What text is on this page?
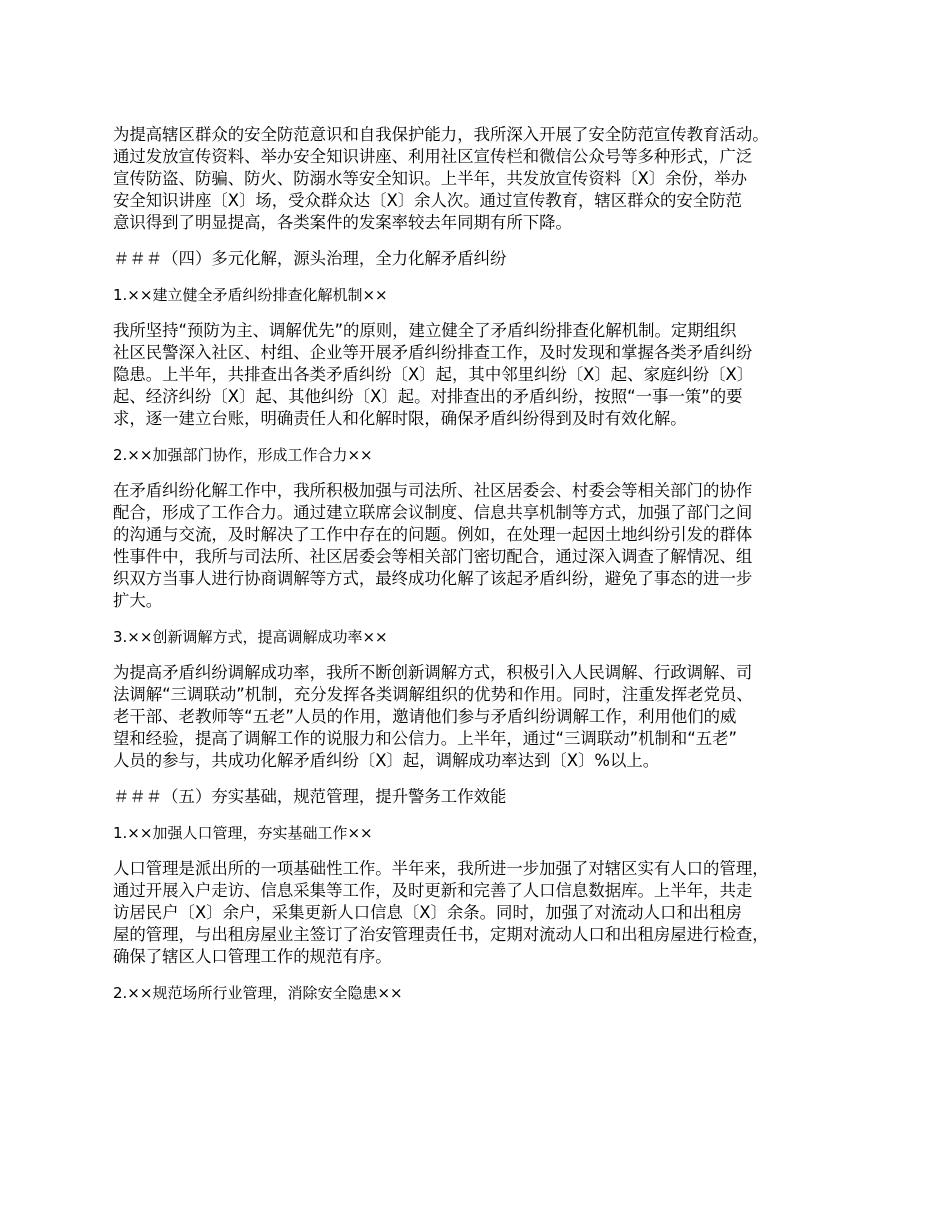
为提高辖区群众的安全防范意识和自我保护能力，我所深入开展了安全防范宣传教育活动。
通过发放宣传资料、举办安全知识讲座、利用社区宣传栏和微信公众号等多种形式，广泛
宣传防盗、防骗、防火、防溺水等安全知识。上半年，共发放宣传资料〔X〕余份，举办
安全知识讲座〔X〕场，受众群众达〔X〕余人次。通过宣传教育，辖区群众的安全防范
意识得到了明显提高，各类案件的发案率较去年同期有所下降。
＃＃＃（四）多元化解，源头治理，全力化解矛盾纠纷
1.××建立健全矛盾纠纷排查化解机制××
我所坚持“预防为主、调解优先”的原则，建立健全了矛盾纠纷排查化解机制。定期组织
社区民警深入社区、村组、企业等开展矛盾纠纷排查工作，及时发现和掌握各类矛盾纠纷
隐患。上半年，共排查出各类矛盾纠纷〔X〕起，其中邻里纠纷〔X〕起、家庭纠纷〔X〕
起、经济纠纷〔X〕起、其他纠纷〔X〕起。对排查出的矛盾纠纷，按照“一事一策”的要
求，逐一建立台账，明确责任人和化解时限，确保矛盾纠纷得到及时有效化解。
2.××加强部门协作，形成工作合力××
在矛盾纠纷化解工作中，我所积极加强与司法所、社区居委会、村委会等相关部门的协作
配合，形成了工作合力。通过建立联席会议制度、信息共享机制等方式，加强了部门之间
的沟通与交流，及时解决了工作中存在的问题。例如，在处理一起因土地纠纷引发的群体
性事件中，我所与司法所、社区居委会等相关部门密切配合，通过深入调查了解情况、组
织双方当事人进行协商调解等方式，最终成功化解了该起矛盾纠纷，避免了事态的进一步
扩大。
3.××创新调解方式，提高调解成功率××
为提高矛盾纠纷调解成功率，我所不断创新调解方式，积极引入人民调解、行政调解、司
法调解“三调联动”机制，充分发挥各类调解组织的优势和作用。同时，注重发挥老党员、
老干部、老教师等“五老”人员的作用，邀请他们参与矛盾纠纷调解工作，利用他们的威
望和经验，提高了调解工作的说服力和公信力。上半年，通过“三调联动”机制和“五老”
人员的参与，共成功化解矛盾纠纷〔X〕起，调解成功率达到〔X〕%以上。
＃＃＃（五）夯实基础，规范管理，提升警务工作效能
1.××加强人口管理，夯实基础工作××
人口管理是派出所的一项基础性工作。半年来，我所进一步加强了对辖区实有人口的管理，
通过开展入户走访、信息采集等工作，及时更新和完善了人口信息数据库。上半年，共走
访居民户〔X〕余户，采集更新人口信息〔X〕余条。同时，加强了对流动人口和出租房
屋的管理，与出租房屋业主签订了治安管理责任书，定期对流动人口和出租房屋进行检查，
确保了辖区人口管理工作的规范有序。
2.××规范场所行业管理，消除安全隐患××
